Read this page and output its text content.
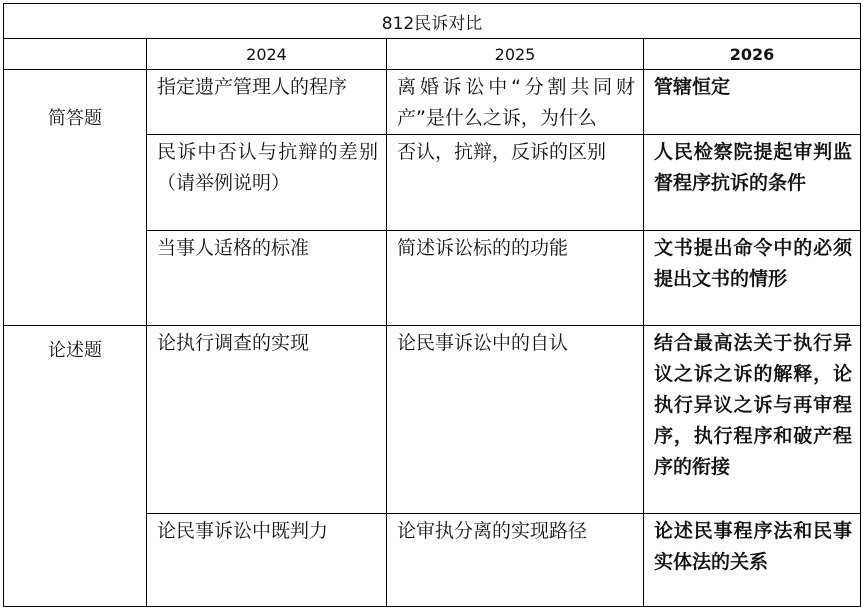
812民诉对比			
	2024	2025	2026

简答题	指定遗产管理人的程序	离婚诉讼中“分割共同财产”是什么之诉，为什么	管辖恒定
	民诉中否认与抗辩的差别（请举例说明）	否认，抗辩，反诉的区别	人民检察院提起审判监督程序抗诉的条件
	当事人适格的标准	简述诉讼标的的功能	文书提出命令中的必须提出文书的情形

论述题	论执行调查的实现	论民事诉讼中的自认	结合最高法关于执行异议之诉之诉的解释，论执行异议之诉与再审程序，执行程序和破产程序的衔接
	论民事诉讼中既判力	论审执分离的实现路径	论述民事程序法和民事实体法的关系
